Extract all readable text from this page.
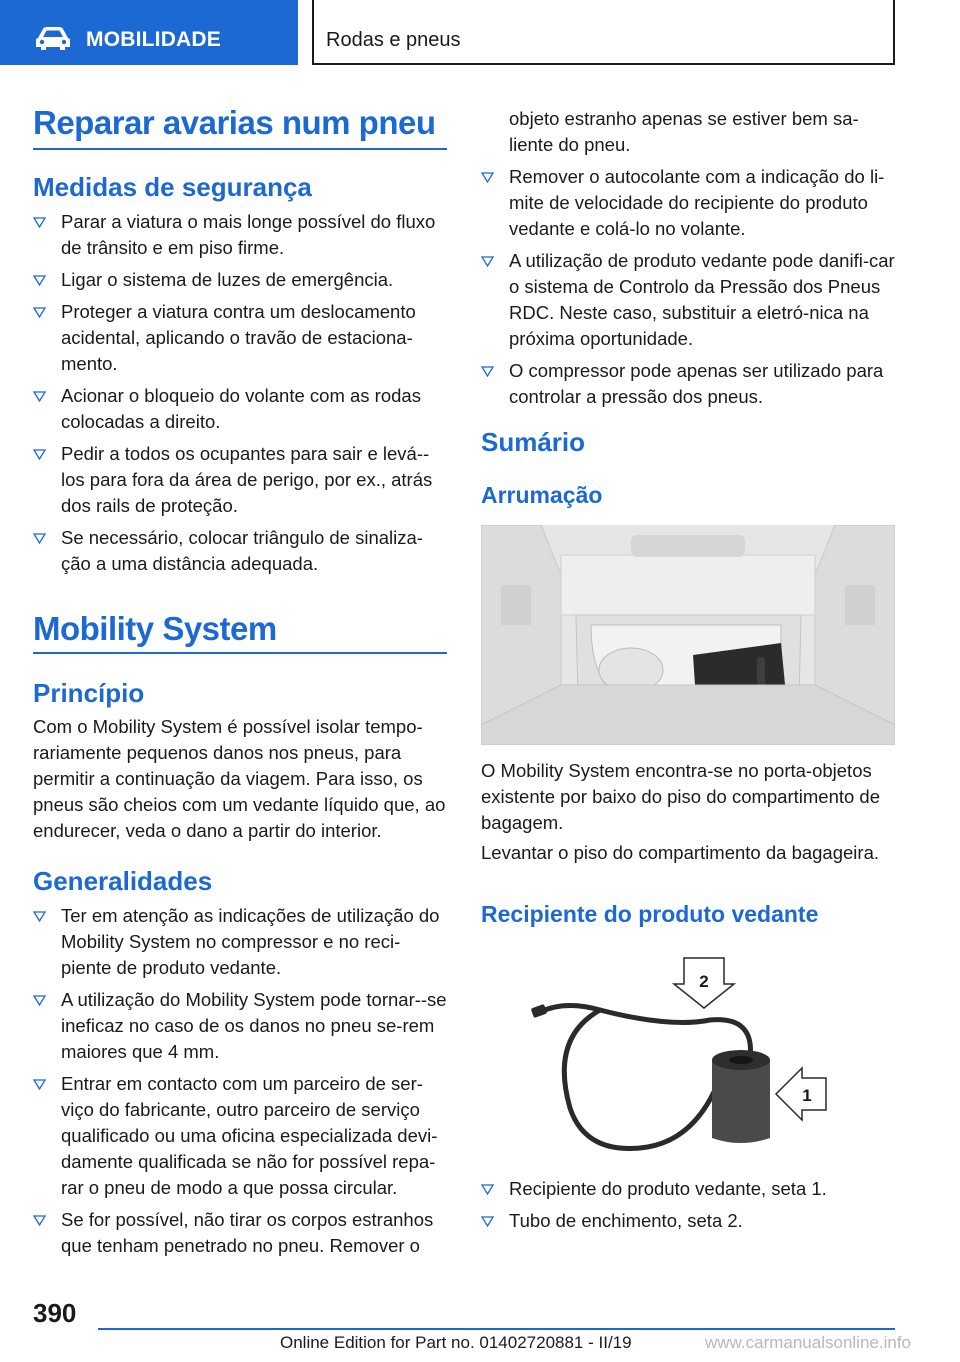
MOBILIDADE	Rodas e pneus
Reparar avarias num pneu
Medidas de segurança
Parar a viatura o mais longe possível do fluxo de trânsito e em piso firme.
Ligar o sistema de luzes de emergência.
Proteger a viatura contra um deslocamento acidental, aplicando o travão de estaciona‐mento.
Acionar o bloqueio do volante com as rodas colocadas a direito.
Pedir a todos os ocupantes para sair e levá‐-los para fora da área de perigo, por ex., atrás dos rails de proteção.
Se necessário, colocar triângulo de sinaliza‐ção a uma distância adequada.
Mobility System
Princípio

Com o Mobility System é possível isolar tempo‐rariamente pequenos danos nos pneus, para permitir a continuação da viagem. Para isso, os pneus são cheios com um vedante líquido que, ao endurecer, veda o dano a partir do interior.

Generalidades
Ter em atenção as indicações de utilização do Mobility System no compressor e no reci‐piente de produto vedante.
A utilização do Mobility System pode tornar‐-se ineficaz no caso de os danos no pneu se‐rem maiores que 4 mm.
Entrar em contacto com um parceiro de ser‐viço do fabricante, outro parceiro de serviço qualificado ou uma oficina especializada devi‐damente qualificada se não for possível repa‐rar o pneu de modo a que possa circular.
Se for possível, não tirar os corpos estranhos que tenham penetrado no pneu. Remover o
objeto estranho apenas se estiver bem sa‐liente do pneu.
Remover o autocolante com a indicação do li‐mite de velocidade do recipiente do produto vedante e colá-lo no volante.
A utilização de produto vedante pode danifi‐car o sistema de Controlo da Pressão dos Pneus RDC. Neste caso, substituir a eletró‐nica na próxima oportunidade.
O compressor pode apenas ser utilizado para controlar a pressão dos pneus.
Sumário
Arrumação

O Mobility System encontra-se no porta-objetos existente por baixo do piso do compartimento de bagagem.

Levantar o piso do compartimento da bagageira.

Recipiente do produto vedante
2
1
Recipiente do produto vedante, seta 1.
Tubo de enchimento, seta 2.
390
Online Edition for Part no. 01402720881 - II/19	www.carmanualsonline.info
